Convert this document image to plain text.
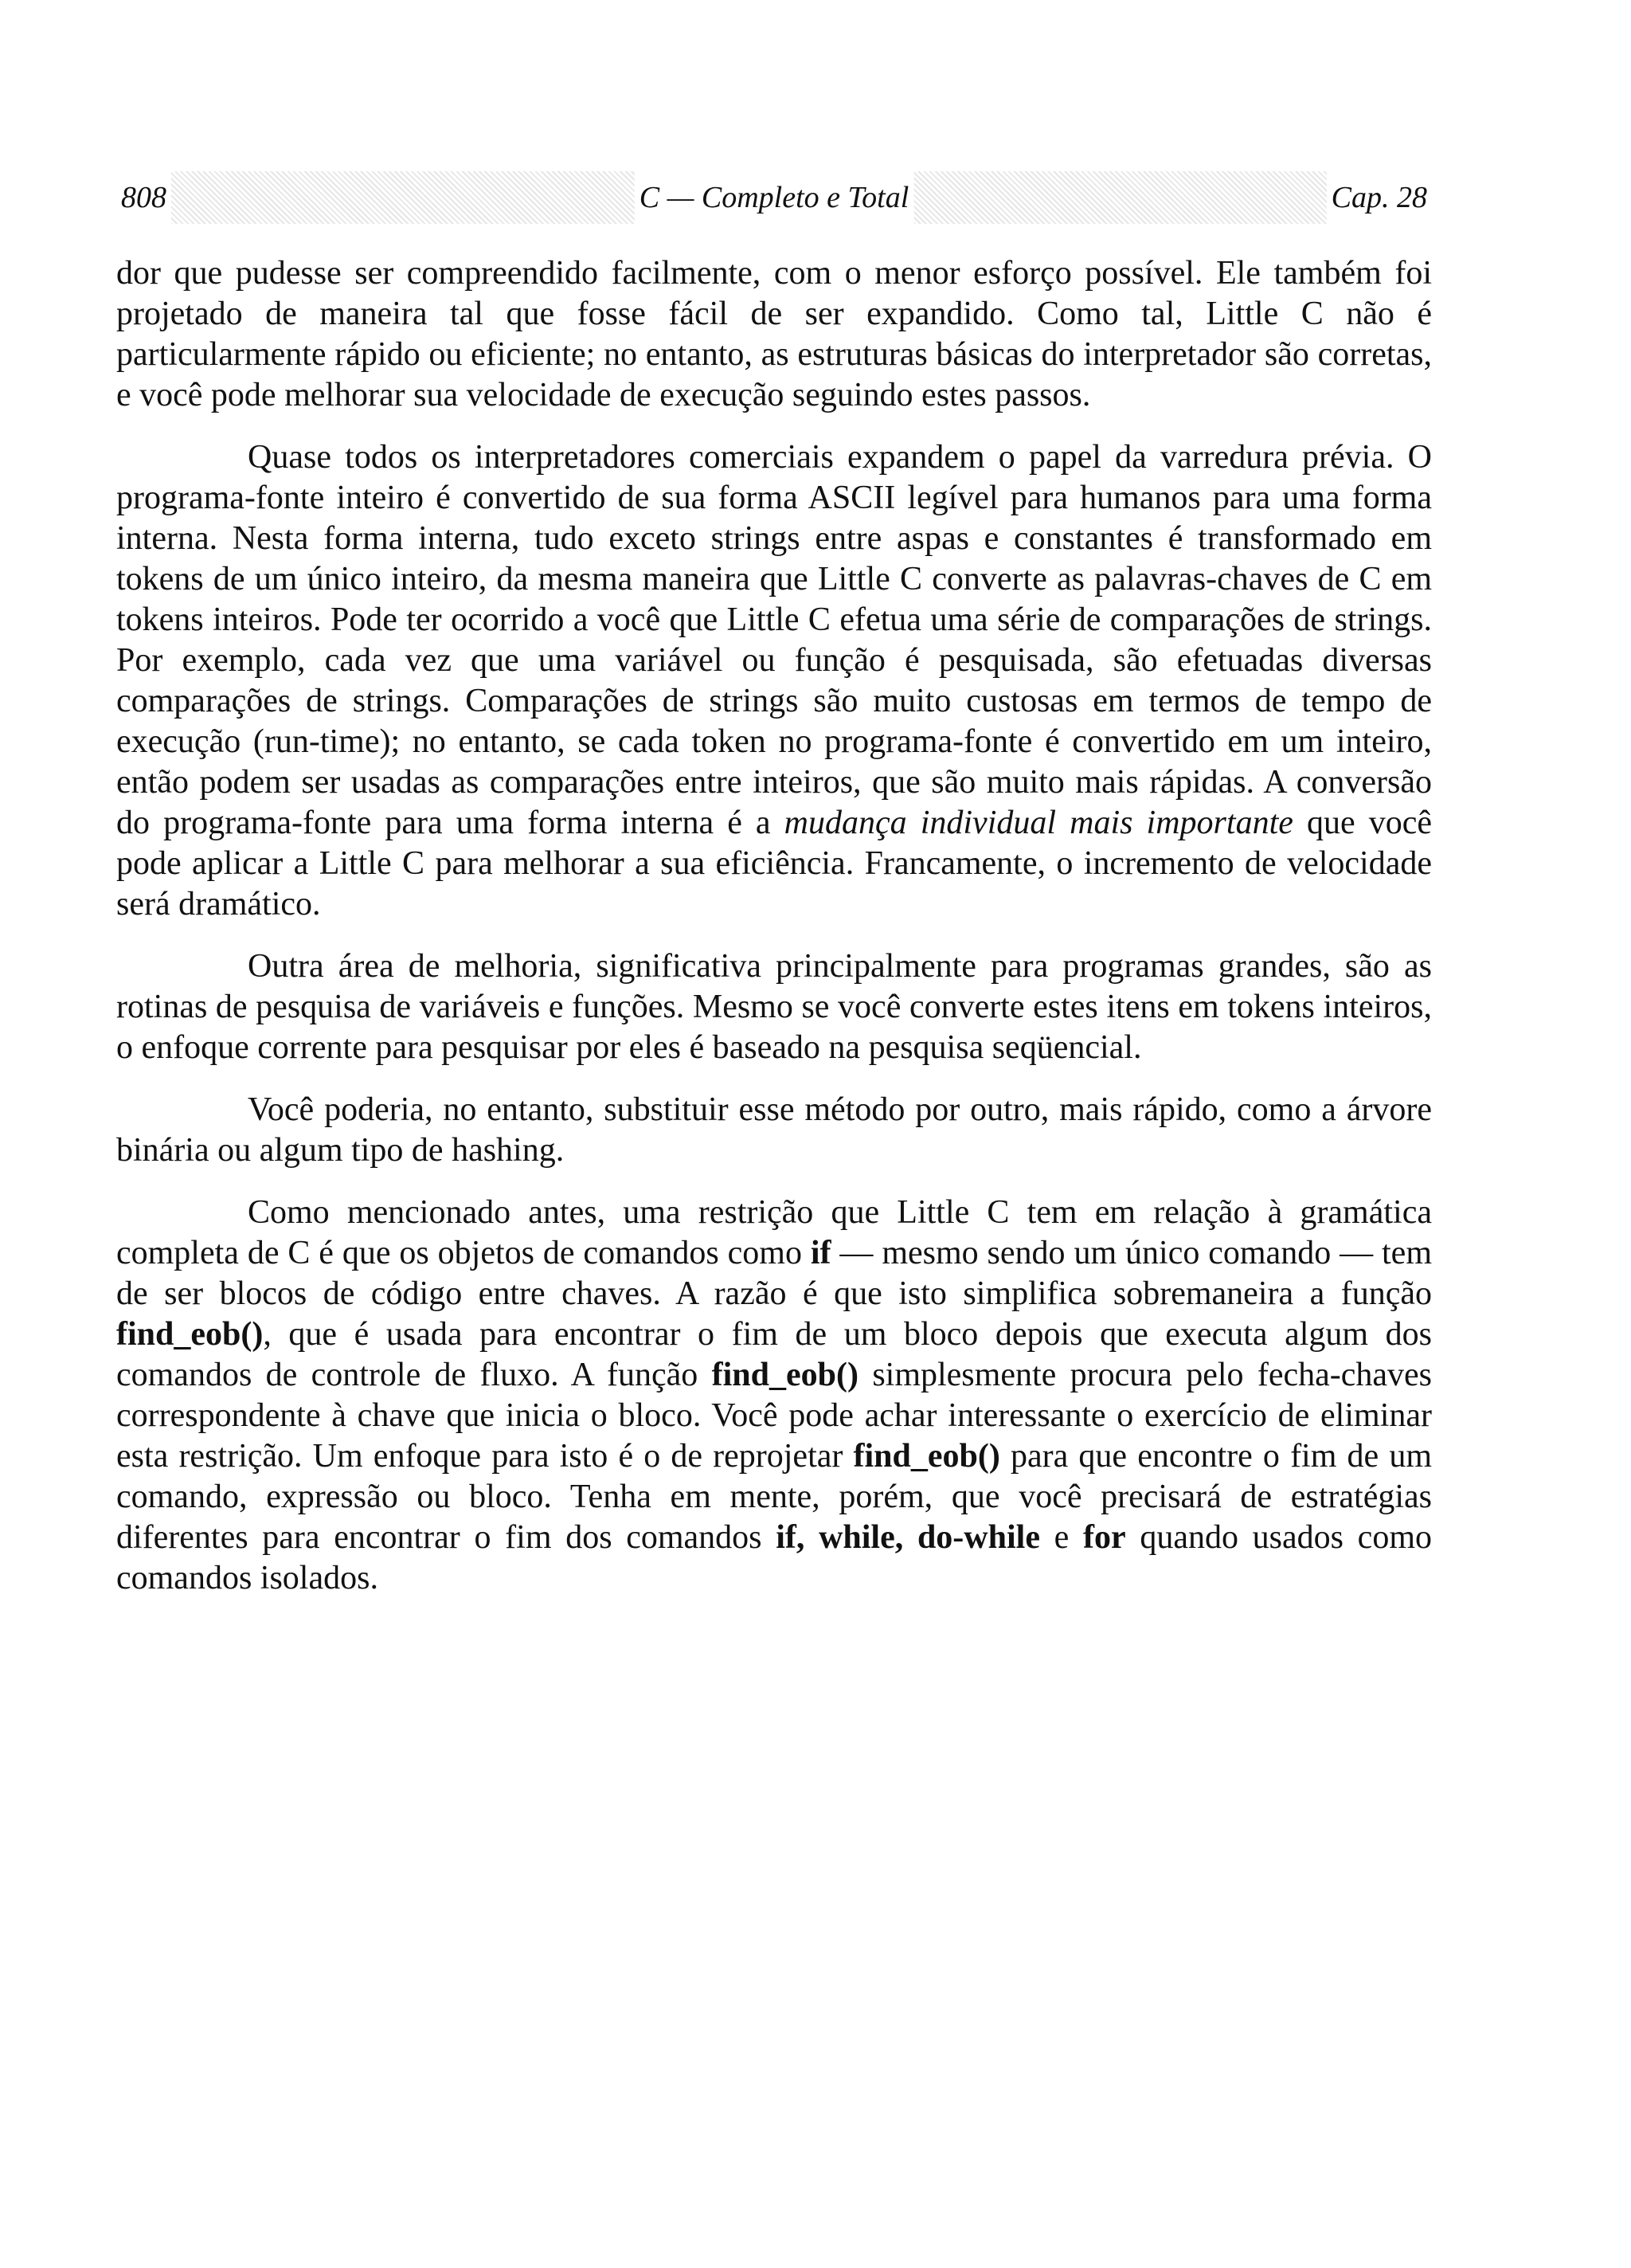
808	C — Completo e Total	Cap. 28

dor que pudesse ser compreendido facilmente, com o menor esforço possível. Ele também foi projetado de maneira tal que fosse fácil de ser expandido. Como tal, Little C não é particularmente rápido ou eficiente; no entanto, as estruturas básicas do interpretador são corretas, e você pode melhorar sua velocidade de execução seguindo estes passos.

Quase todos os interpretadores comerciais expandem o papel da varredura prévia. O programa-fonte inteiro é convertido de sua forma ASCII legível para humanos para uma forma interna. Nesta forma interna, tudo exceto strings entre aspas e constantes é transformado em tokens de um único inteiro, da mesma maneira que Little C converte as palavras-chaves de C em tokens inteiros. Pode ter ocorrido a você que Little C efetua uma série de comparações de strings. Por exemplo, cada vez que uma variável ou função é pesquisada, são efetuadas diversas comparações de strings. Comparações de strings são muito custosas em termos de tempo de execução (run-time); no entanto, se cada token no programa-fonte é convertido em um inteiro, então podem ser usadas as comparações entre inteiros, que são muito mais rápidas. A conversão do programa-fonte para uma forma interna é a mudança individual mais importante que você pode aplicar a Little C para melhorar a sua eficiência. Francamente, o incremento de velocidade será dramático.

Outra área de melhoria, significativa principalmente para programas grandes, são as rotinas de pesquisa de variáveis e funções. Mesmo se você converte estes itens em tokens inteiros, o enfoque corrente para pesquisar por eles é baseado na pesquisa seqüencial.

Você poderia, no entanto, substituir esse método por outro, mais rápido, como a árvore binária ou algum tipo de hashing.

Como mencionado antes, uma restrição que Little C tem em relação à gramática completa de C é que os objetos de comandos como if — mesmo sendo um único comando — tem de ser blocos de código entre chaves. A razão é que isto simplifica sobremaneira a função find_eob(), que é usada para encontrar o fim de um bloco depois que executa algum dos comandos de controle de fluxo. A função find_eob() simplesmente procura pelo fecha-chaves correspondente à chave que inicia o bloco. Você pode achar interessante o exercício de eliminar esta restrição. Um enfoque para isto é o de reprojetar find_eob() para que encontre o fim de um comando, expressão ou bloco. Tenha em mente, porém, que você precisará de estratégias diferentes para encontrar o fim dos comandos if, while, do-while e for quando usados como comandos isolados.
